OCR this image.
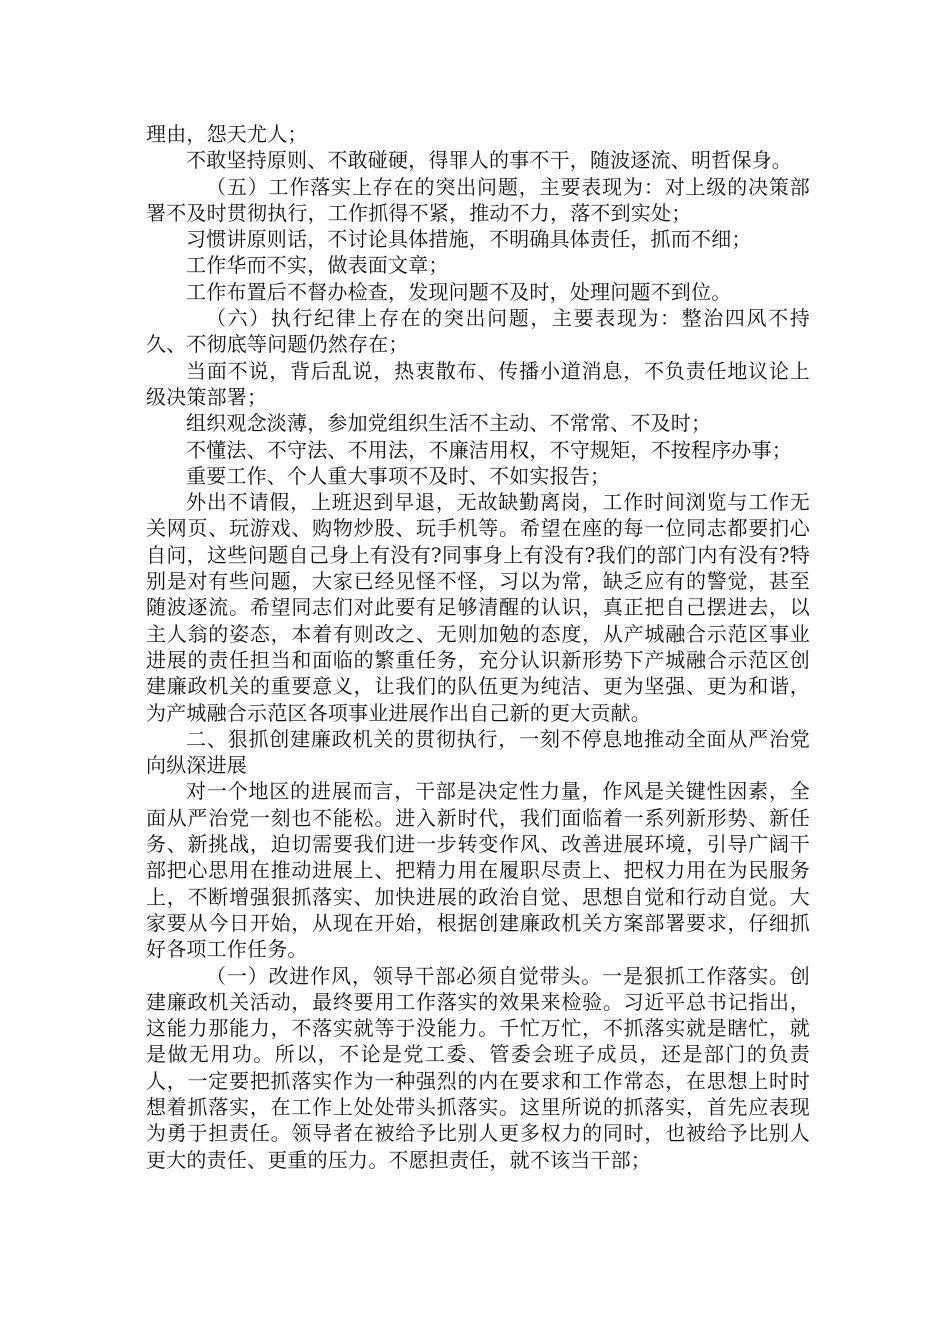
理由，怨天尤人；

不敢坚持原则、不敢碰硬，得罪人的事不干，随波逐流、明哲保身。

（五）工作落实上存在的突出问题，主要表现为：对上级的决策部署不及时贯彻执行，工作抓得不紧，推动不力，落不到实处；

习惯讲原则话，不讨论具体措施，不明确具体责任，抓而不细；

工作华而不实，做表面文章；

工作布置后不督办检查，发现问题不及时，处理问题不到位。

（六）执行纪律上存在的突出问题，主要表现为：整治四风不持久、不彻底等问题仍然存在；

当面不说，背后乱说，热衷散布、传播小道消息，不负责任地议论上级决策部署；

组织观念淡薄，参加党组织生活不主动、不常常、不及时；

不懂法、不守法、不用法，不廉洁用权，不守规矩，不按程序办事；

重要工作、个人重大事项不及时、不如实报告；

外出不请假，上班迟到早退，无故缺勤离岗，工作时间浏览与工作无关网页、玩游戏、购物炒股、玩手机等。希望在座的每一位同志都要扪心自问，这些问题自己身上有没有?同事身上有没有?我们的部门内有没有?特别是对有些问题，大家已经见怪不怪，习以为常，缺乏应有的警觉，甚至随波逐流。希望同志们对此要有足够清醒的认识，真正把自己摆进去，以主人翁的姿态，本着有则改之、无则加勉的态度，从产城融合示范区事业进展的责任担当和面临的繁重任务，充分认识新形势下产城融合示范区创建廉政机关的重要意义，让我们的队伍更为纯洁、更为坚强、更为和谐，为产城融合示范区各项事业进展作出自己新的更大贡献。

二、狠抓创建廉政机关的贯彻执行，一刻不停息地推动全面从严治党向纵深进展

对一个地区的进展而言，干部是决定性力量，作风是关键性因素，全面从严治党一刻也不能松。进入新时代，我们面临着一系列新形势、新任务、新挑战，迫切需要我们进一步转变作风、改善进展环境，引导广阔干部把心思用在推动进展上、把精力用在履职尽责上、把权力用在为民服务上，不断增强狠抓落实、加快进展的政治自觉、思想自觉和行动自觉。大家要从今日开始，从现在开始，根据创建廉政机关方案部署要求，仔细抓好各项工作任务。

（一）改进作风，领导干部必须自觉带头。一是狠抓工作落实。创建廉政机关活动，最终要用工作落实的效果来检验。习近平总书记指出，这能力那能力，不落实就等于没能力。千忙万忙，不抓落实就是瞎忙，就是做无用功。所以，不论是党工委、管委会班子成员，还是部门的负责人，一定要把抓落实作为一种强烈的内在要求和工作常态，在思想上时时想着抓落实，在工作上处处带头抓落实。这里所说的抓落实，首先应表现为勇于担责任。领导者在被给予比别人更多权力的同时，也被给予比别人更大的责任、更重的压力。不愿担责任，就不该当干部；
